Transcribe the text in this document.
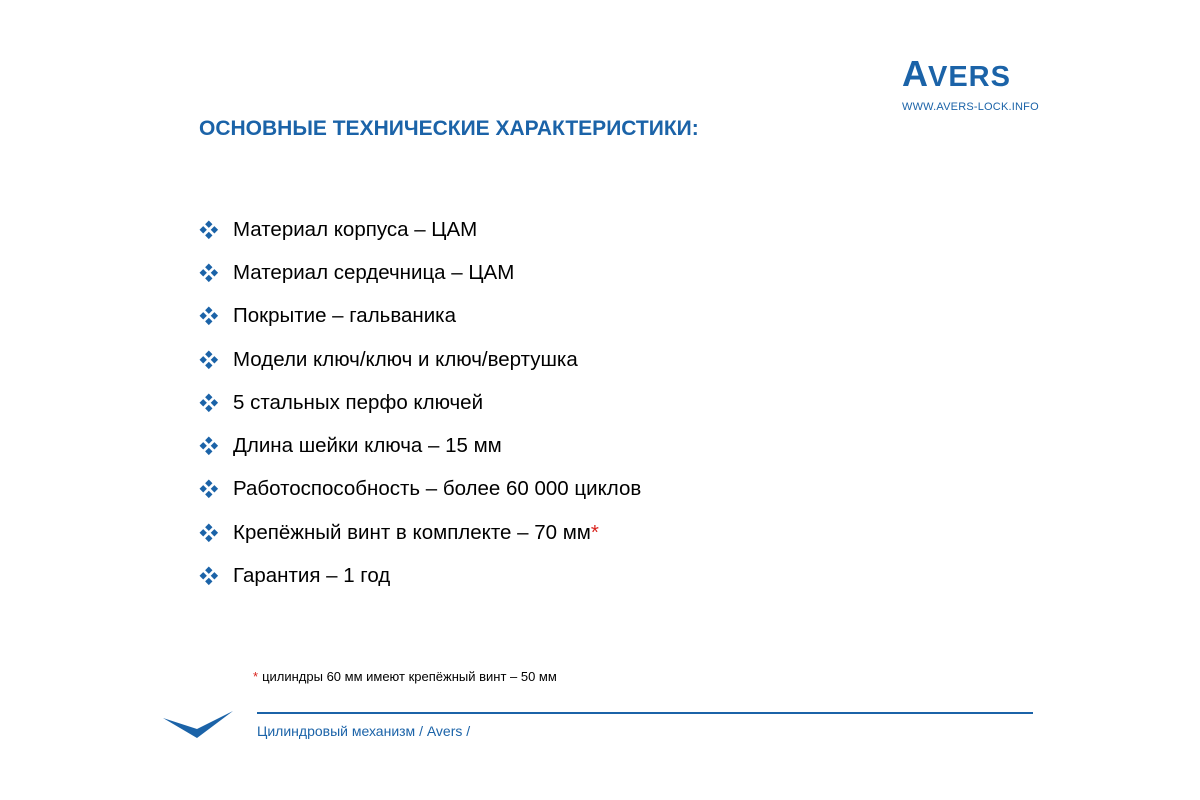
AVERS
WWW.AVERS-LOCK.INFO
ОСНОВНЫЕ ТЕХНИЧЕСКИЕ ХАРАКТЕРИСТИКИ:
Материал корпуса – ЦАМ
Материал сердечница – ЦАМ
Покрытие – гальваника
Модели ключ/ключ и ключ/вертушка
5 стальных перфо ключей
Длина шейки ключа – 15 мм
Работоспособность – более 60 000 циклов
Крепёжный винт в комплекте – 70 мм *
Гарантия – 1 год
* цилиндры 60 мм имеют крепёжный винт – 50 мм
Цилиндровый механизм / Avers /
